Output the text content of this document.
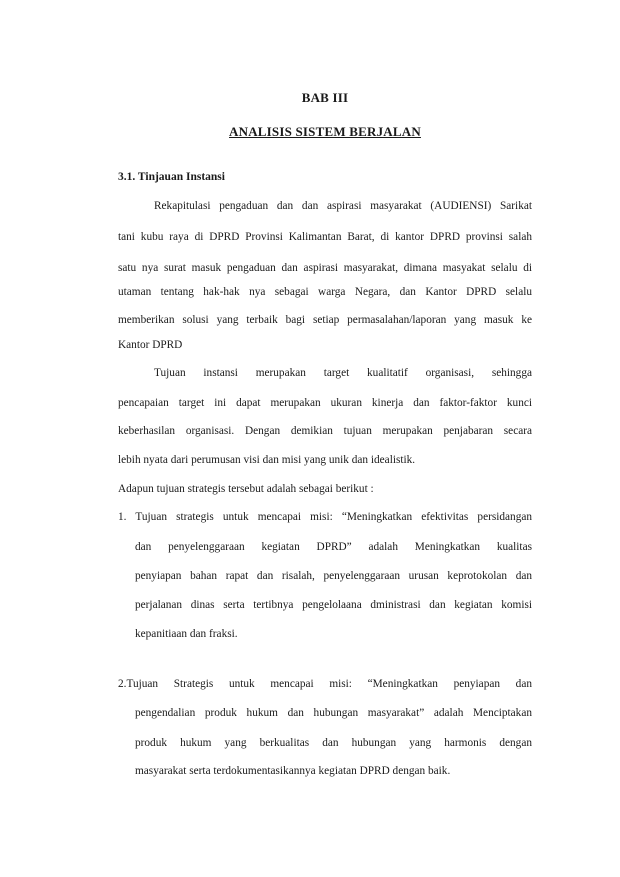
BAB III
ANALISIS SISTEM BERJALAN
3.1. Tinjauan Instansi
Rekapitulasi pengaduan dan dan aspirasi masyarakat (AUDIENSI) Sarikat
tani kubu raya di DPRD Provinsi Kalimantan Barat, di kantor DPRD provinsi salah
satu nya surat masuk pengaduan dan aspirasi masyarakat, dimana masyakat selalu di
utaman tentang hak-hak nya sebagai warga Negara, dan Kantor DPRD selalu
memberikan solusi yang terbaik bagi setiap permasalahan/laporan yang masuk ke
Kantor DPRD
Tujuan instansi merupakan target kualitatif organisasi, sehingga
pencapaian target ini dapat merupakan ukuran kinerja dan faktor-faktor kunci
keberhasilan organisasi. Dengan demikian tujuan merupakan penjabaran secara
lebih nyata dari perumusan visi dan misi yang unik dan idealistik.
Adapun tujuan strategis tersebut adalah sebagai berikut :
1. Tujuan strategis untuk mencapai misi: “Meningkatkan efektivitas persidangan
dan penyelenggaraan kegiatan DPRD” adalah Meningkatkan kualitas
penyiapan bahan rapat dan risalah, penyelenggaraan urusan keprotokolan dan
perjalanan dinas serta tertibnya pengelolaana dministrasi dan kegiatan komisi
kepanitiaan dan fraksi.
2.Tujuan Strategis untuk mencapai misi: “Meningkatkan penyiapan dan
pengendalian produk hukum dan hubungan masyarakat” adalah Menciptakan
produk hukum yang berkualitas dan hubungan yang harmonis dengan
masyarakat serta terdokumentasikannya kegiatan DPRD dengan baik.
